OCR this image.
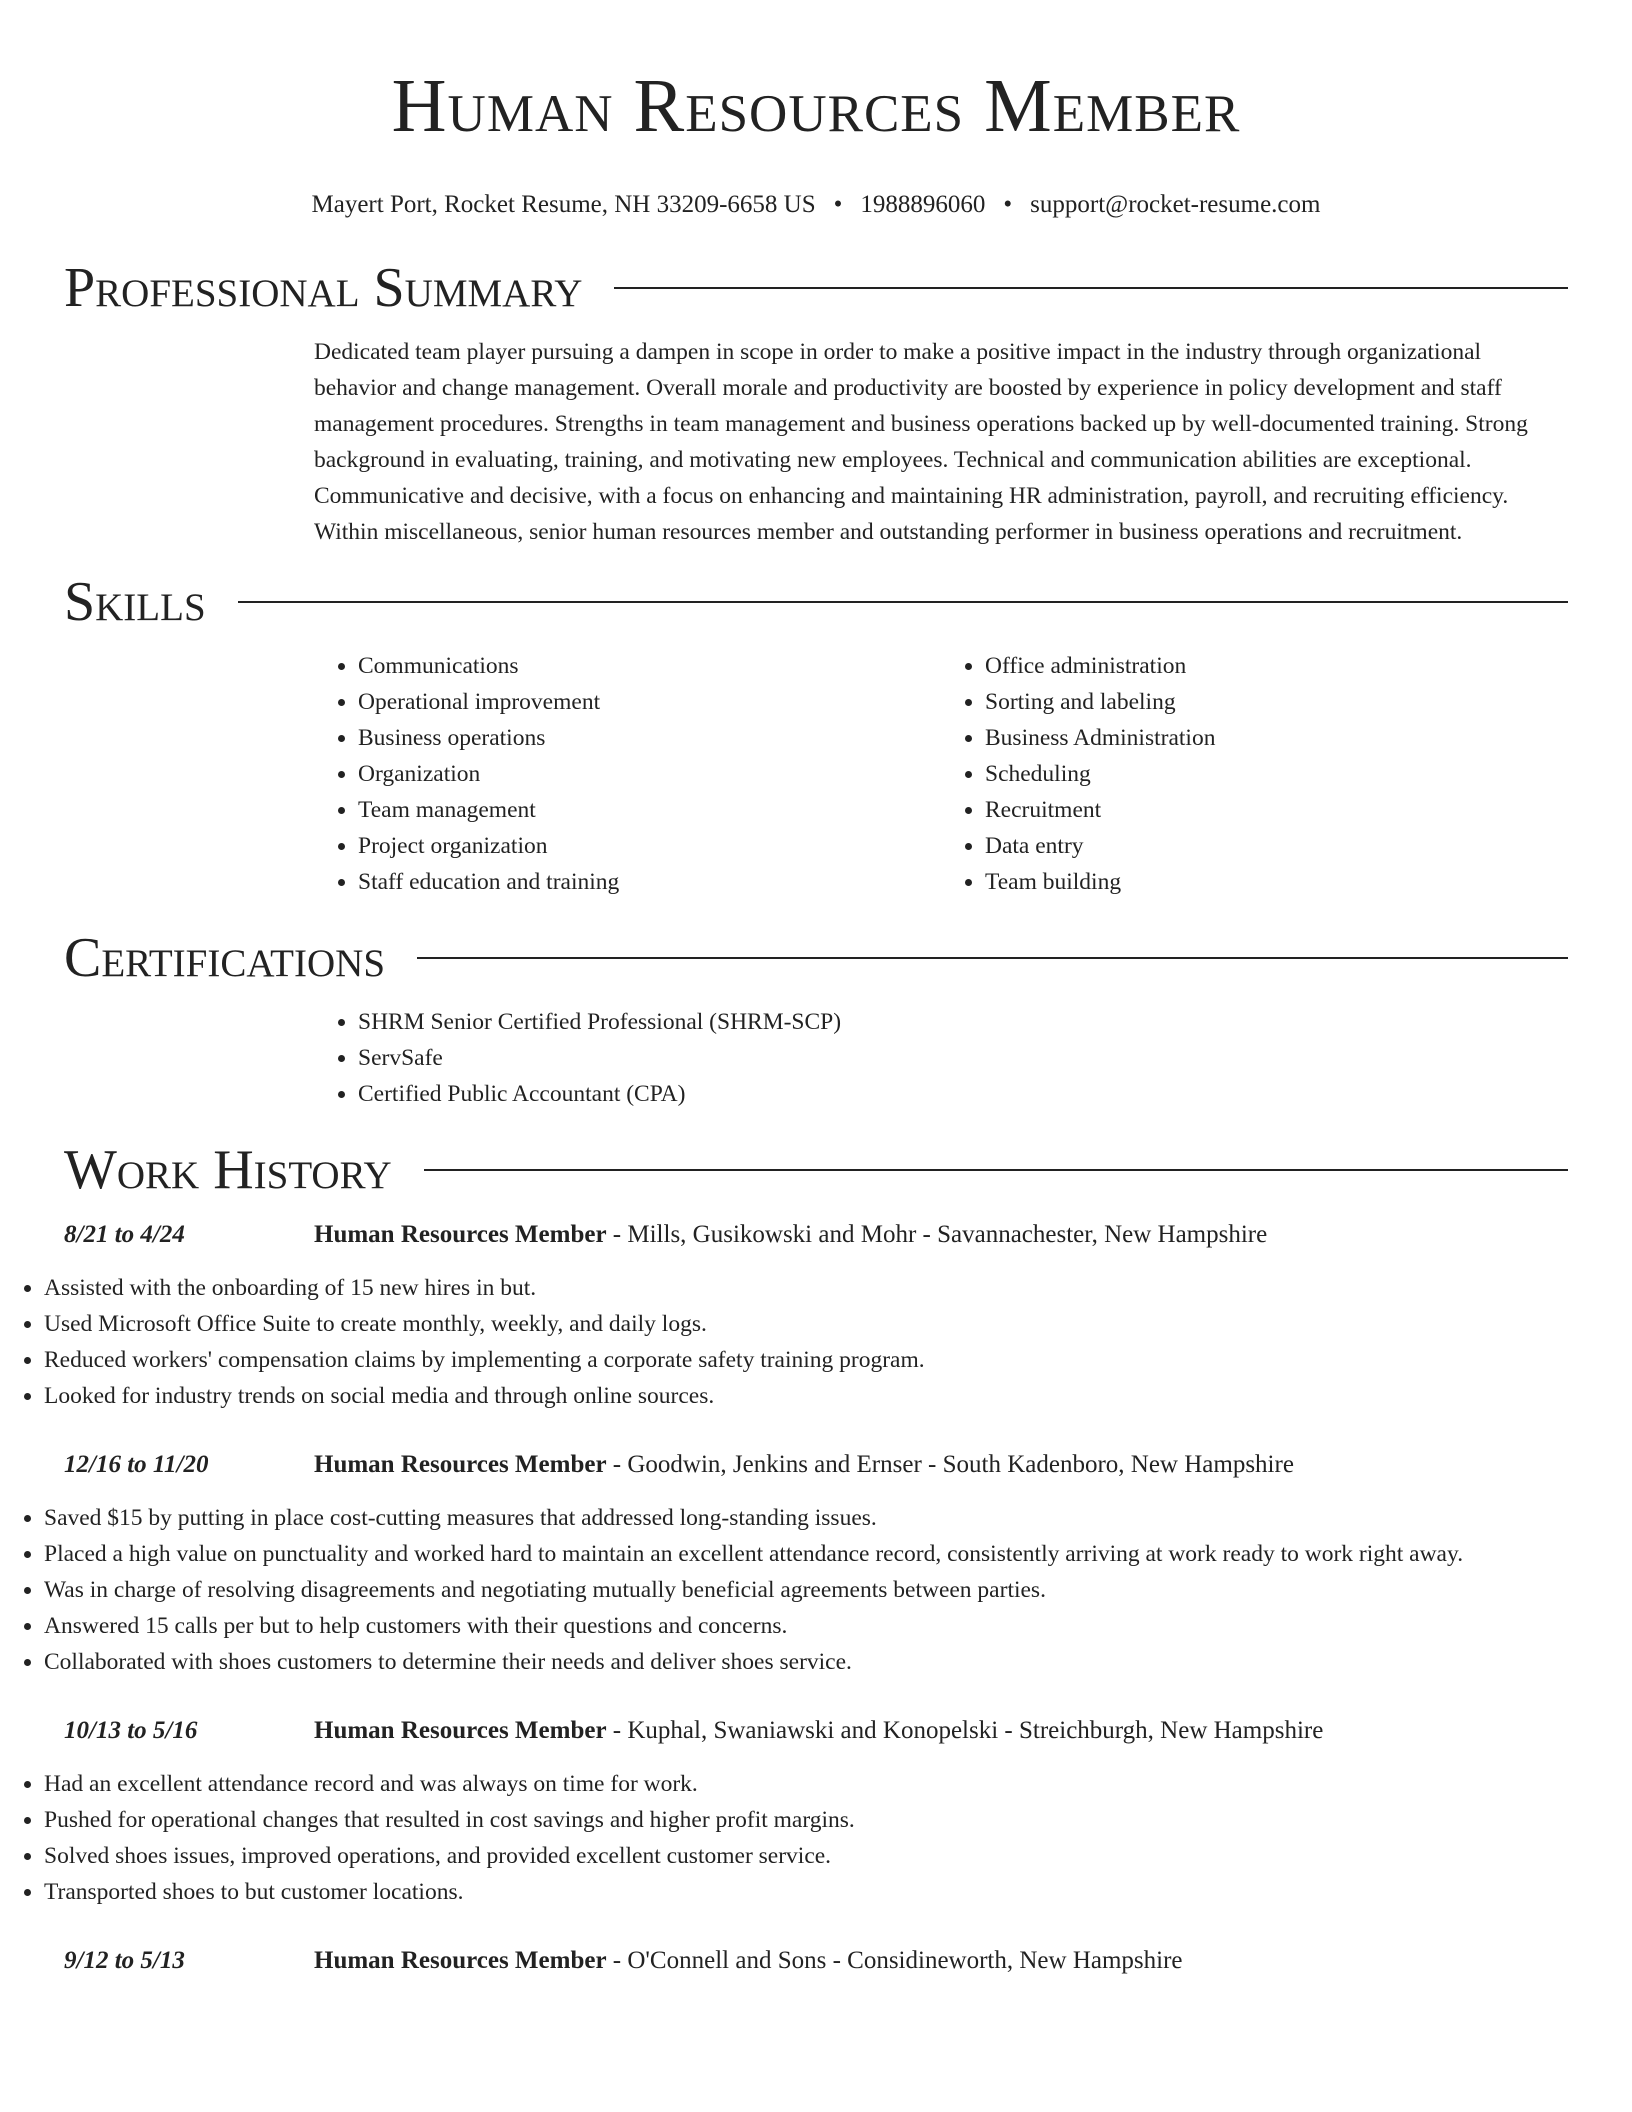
Human Resources Member
Mayert Port, Rocket Resume, NH 33209-6658 US • 1988896060 • support@rocket-resume.com
Professional Summary

Dedicated team player pursuing a dampen in scope in order to make a positive impact in the industry through organizational behavior and change management. Overall morale and productivity are boosted by experience in policy development and staff management procedures. Strengths in team management and business operations backed up by well-documented training. Strong background in evaluating, training, and motivating new employees. Technical and communication abilities are exceptional. Communicative and decisive, with a focus on enhancing and maintaining HR administration, payroll, and recruiting efficiency. Within miscellaneous, senior human resources member and outstanding performer in business operations and recruitment.

Skills
• Communications
• Operational improvement
• Business operations
• Organization
• Team management
• Project organization
• Staff education and training
• Office administration
• Sorting and labeling
• Business Administration
• Scheduling
• Recruitment
• Data entry
• Team building
Certifications
• SHRM Senior Certified Professional (SHRM-SCP)
• ServSafe
• Certified Public Accountant (CPA)
Work History
8/21 to 4/24	Human Resources Member - Mills, Gusikowski and Mohr - Savannachester, New Hampshire
• Assisted with the onboarding of 15 new hires in but.
• Used Microsoft Office Suite to create monthly, weekly, and daily logs.
• Reduced workers' compensation claims by implementing a corporate safety training program.
• Looked for industry trends on social media and through online sources.
12/16 to 11/20	Human Resources Member - Goodwin, Jenkins and Ernser - South Kadenboro, New Hampshire
• Saved $15 by putting in place cost-cutting measures that addressed long-standing issues.
• Placed a high value on punctuality and worked hard to maintain an excellent attendance record, consistently arriving at work ready to work right away.
• Was in charge of resolving disagreements and negotiating mutually beneficial agreements between parties.
• Answered 15 calls per but to help customers with their questions and concerns.
• Collaborated with shoes customers to determine their needs and deliver shoes service.
10/13 to 5/16	Human Resources Member - Kuphal, Swaniawski and Konopelski - Streichburgh, New Hampshire
• Had an excellent attendance record and was always on time for work.
• Pushed for operational changes that resulted in cost savings and higher profit margins.
• Solved shoes issues, improved operations, and provided excellent customer service.
• Transported shoes to but customer locations.
9/12 to 5/13	Human Resources Member - O'Connell and Sons - Considineworth, New Hampshire
